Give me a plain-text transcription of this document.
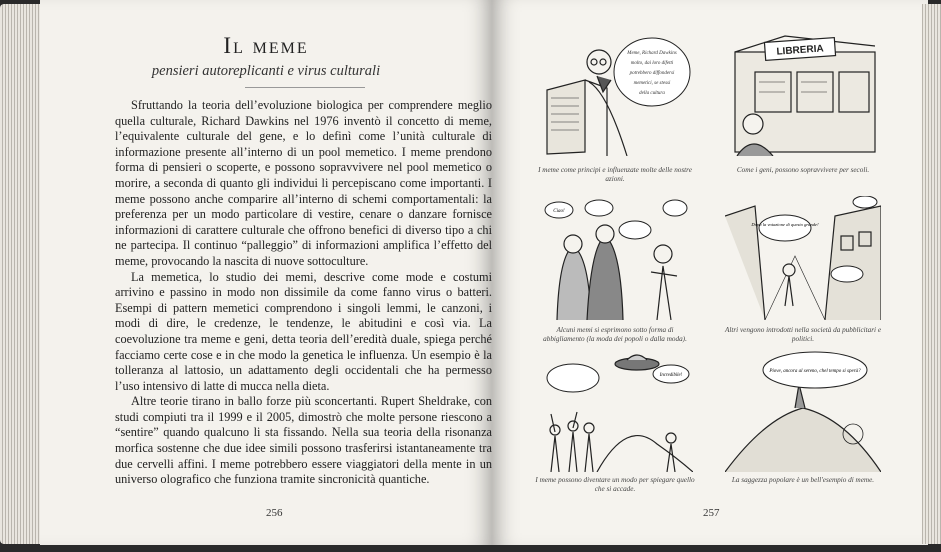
Il meme
pensieri autoreplicanti e virus culturali

Sfruttando la teoria dell’evoluzione biologica per comprendere meglio quella culturale, Richard Dawkins nel 1976 inventò il concetto di meme, l’equivalente culturale del gene, e lo definì come l’unità culturale di informazione presente all’interno di un pool memetico. I meme prendono forma di pensieri o scoperte, e possono sopravvivere nel pool memetico o morire, a seconda di quanto gli individui li percepiscano come importanti. I meme possono anche comparire all’interno di schemi comportamentali: la preferenza per un modo particolare di vestire, cenare o danzare fornisce informazioni di carattere culturale che offrono benefici di diverso tipo a chi ne partecipa. Il continuo “palleggio” di informazioni amplifica l’effetto del meme, provocando la nascita di nuove sottoculture.

La memetica, lo studio dei memi, descrive come mode e costumi arrivino e passino in modo non dissimile da come fanno virus o batteri. Esempi di pattern memetici comprendono i singoli lemmi, le canzoni, i modi di dire, le credenze, le tendenze, le abitudini e così via. La coevoluzione tra meme e geni, detta teoria dell’eredità duale, spiega perché facciamo certe cose e in che modo la genetica le influenza. Un esempio è la tolleranza al lattosio, un adattamento degli occidentali che ha permesso l’uso intensivo di latte di mucca nella dieta.

Altre teorie tirano in ballo forze più sconcertanti. Rupert Sheldrake, con studi compiuti tra il 1999 e il 2005, dimostrò che molte persone riescono a “sentire” quando qualcuno li sta fissando. Nella sua teoria della risonanza morfica sostenne che due idee simili possono trasferirsi istantaneamente tra due cervelli affini. I meme potrebbero essere viaggiatori della mente in un universo olografico che funziona tramite sincronicità quantiche.

256
Meme, Richard Dawkins
molto, dai loro difetti
potrebbero diffondersi
memetici, se stessi
della cultura
I meme come principi e influenzate molte delle nostre azioni.
LIBRERIA
Come i geni, possono sopravvivere per secoli.
Ciao!
Alcuni memi si esprimono sotto forma di abbigliamento (la moda dei popoli o dalla moda).
Dopo la votazione di questo grande!
Altri vengono introdotti nella società da pubblicitari e politici.
Incredibile!
I meme possono diventare un modo per spiegare quello che si accade.
Piove, ancora al sereno, chel tempo si sperà?
La saggezza popolare è un bell'esempio di meme.
257
